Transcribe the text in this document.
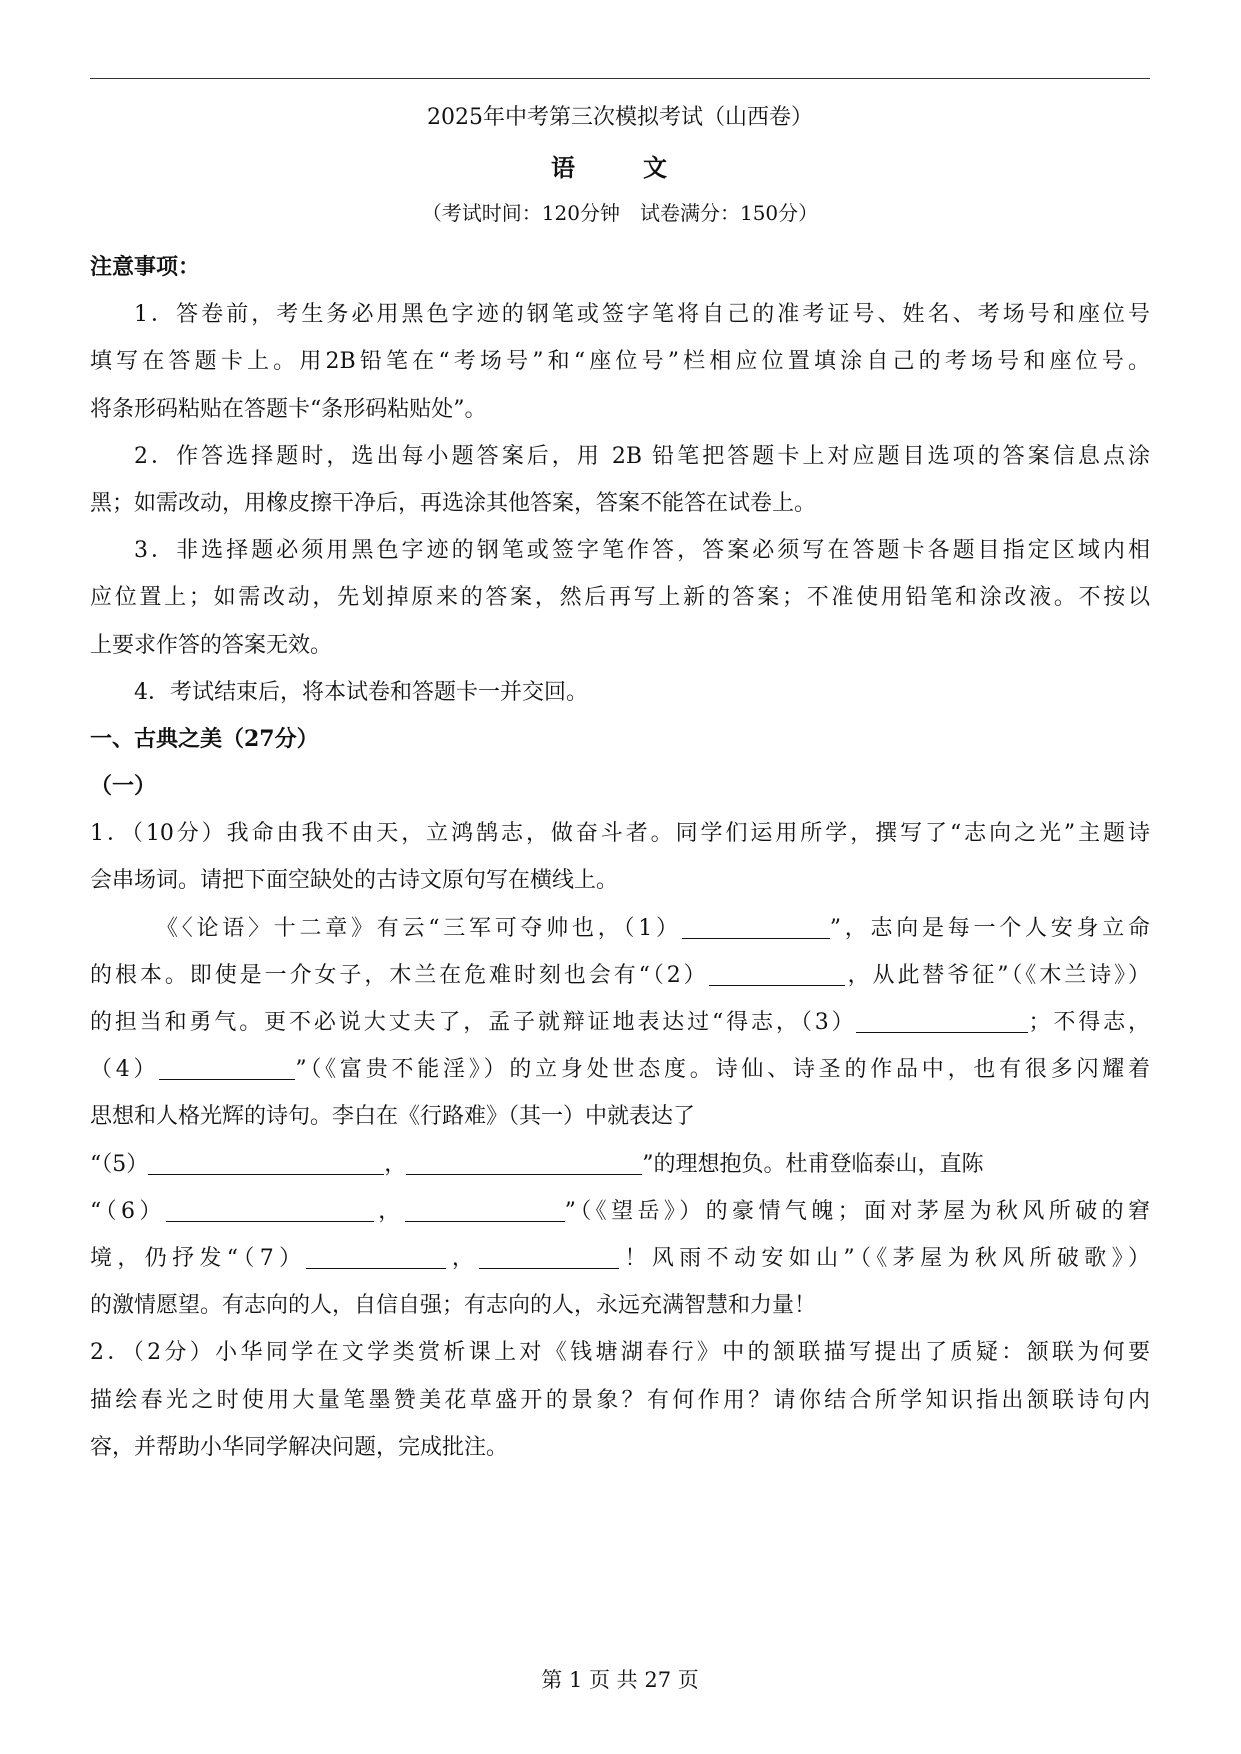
2025年中考第三次模拟考试（山西卷）
语　文
（考试时间：120分钟　试卷满分：150分）
注意事项：
1．答卷前，考生务必用黑色字迹的钢笔或签字笔将自己的准考证号、姓名、考场号和座位号
填写在答题卡上。用2B铅笔在“考场号”和“座位号”栏相应位置填涂自己的考场号和座位号。
将条形码粘贴在答题卡“条形码粘贴处”。
2．作答选择题时，选出每小题答案后，用 2B 铅笔把答题卡上对应题目选项的答案信息点涂
黑；如需改动，用橡皮擦干净后，再选涂其他答案，答案不能答在试卷上。
3．非选择题必须用黑色字迹的钢笔或签字笔作答，答案必须写在答题卡各题目指定区域内相
应位置上；如需改动，先划掉原来的答案，然后再写上新的答案；不准使用铅笔和涂改液。不按以
上要求作答的答案无效。
4．考试结束后，将本试卷和答题卡一并交回。
一、古典之美（27分）
（一）
1．（10分）我命由我不由天，立鸿鹄志，做奋斗者。同学们运用所学，撰写了“志向之光”主题诗
会串场词。请把下面空缺处的古诗文原句写在横线上。
《〈论语〉十二章》有云“三军可夺帅也，（1）	”，志向是每一个人安身立命
的根本。即使是一介女子，木兰在危难时刻也会有“（2）	，从此替爷征”（《木兰诗》）
的担当和勇气。更不必说大丈夫了，孟子就辩证地表达过“得志，（3）	；不得志，
（4）	”（《富贵不能淫》）的立身处世态度。诗仙、诗圣的作品中，也有很多闪耀着
思想和人格光辉的诗句。李白在《行路难》（其一）中就表达了
“（5）	，	”的理想抱负。杜甫登临泰山，直陈
“（6）	，	”（《望岳》）的豪情气魄；面对茅屋为秋风所破的窘
境，仍抒发“（7）	，	！风雨不动安如山”（《茅屋为秋风所破歌》）
的激情愿望。有志向的人，自信自强；有志向的人，永远充满智慧和力量！
2．（2分）小华同学在文学类赏析课上对《钱塘湖春行》中的颔联描写提出了质疑：颔联为何要
描绘春光之时使用大量笔墨赞美花草盛开的景象？有何作用？请你结合所学知识指出颔联诗句内
容，并帮助小华同学解决问题，完成批注。
第 1 页 共 27 页
